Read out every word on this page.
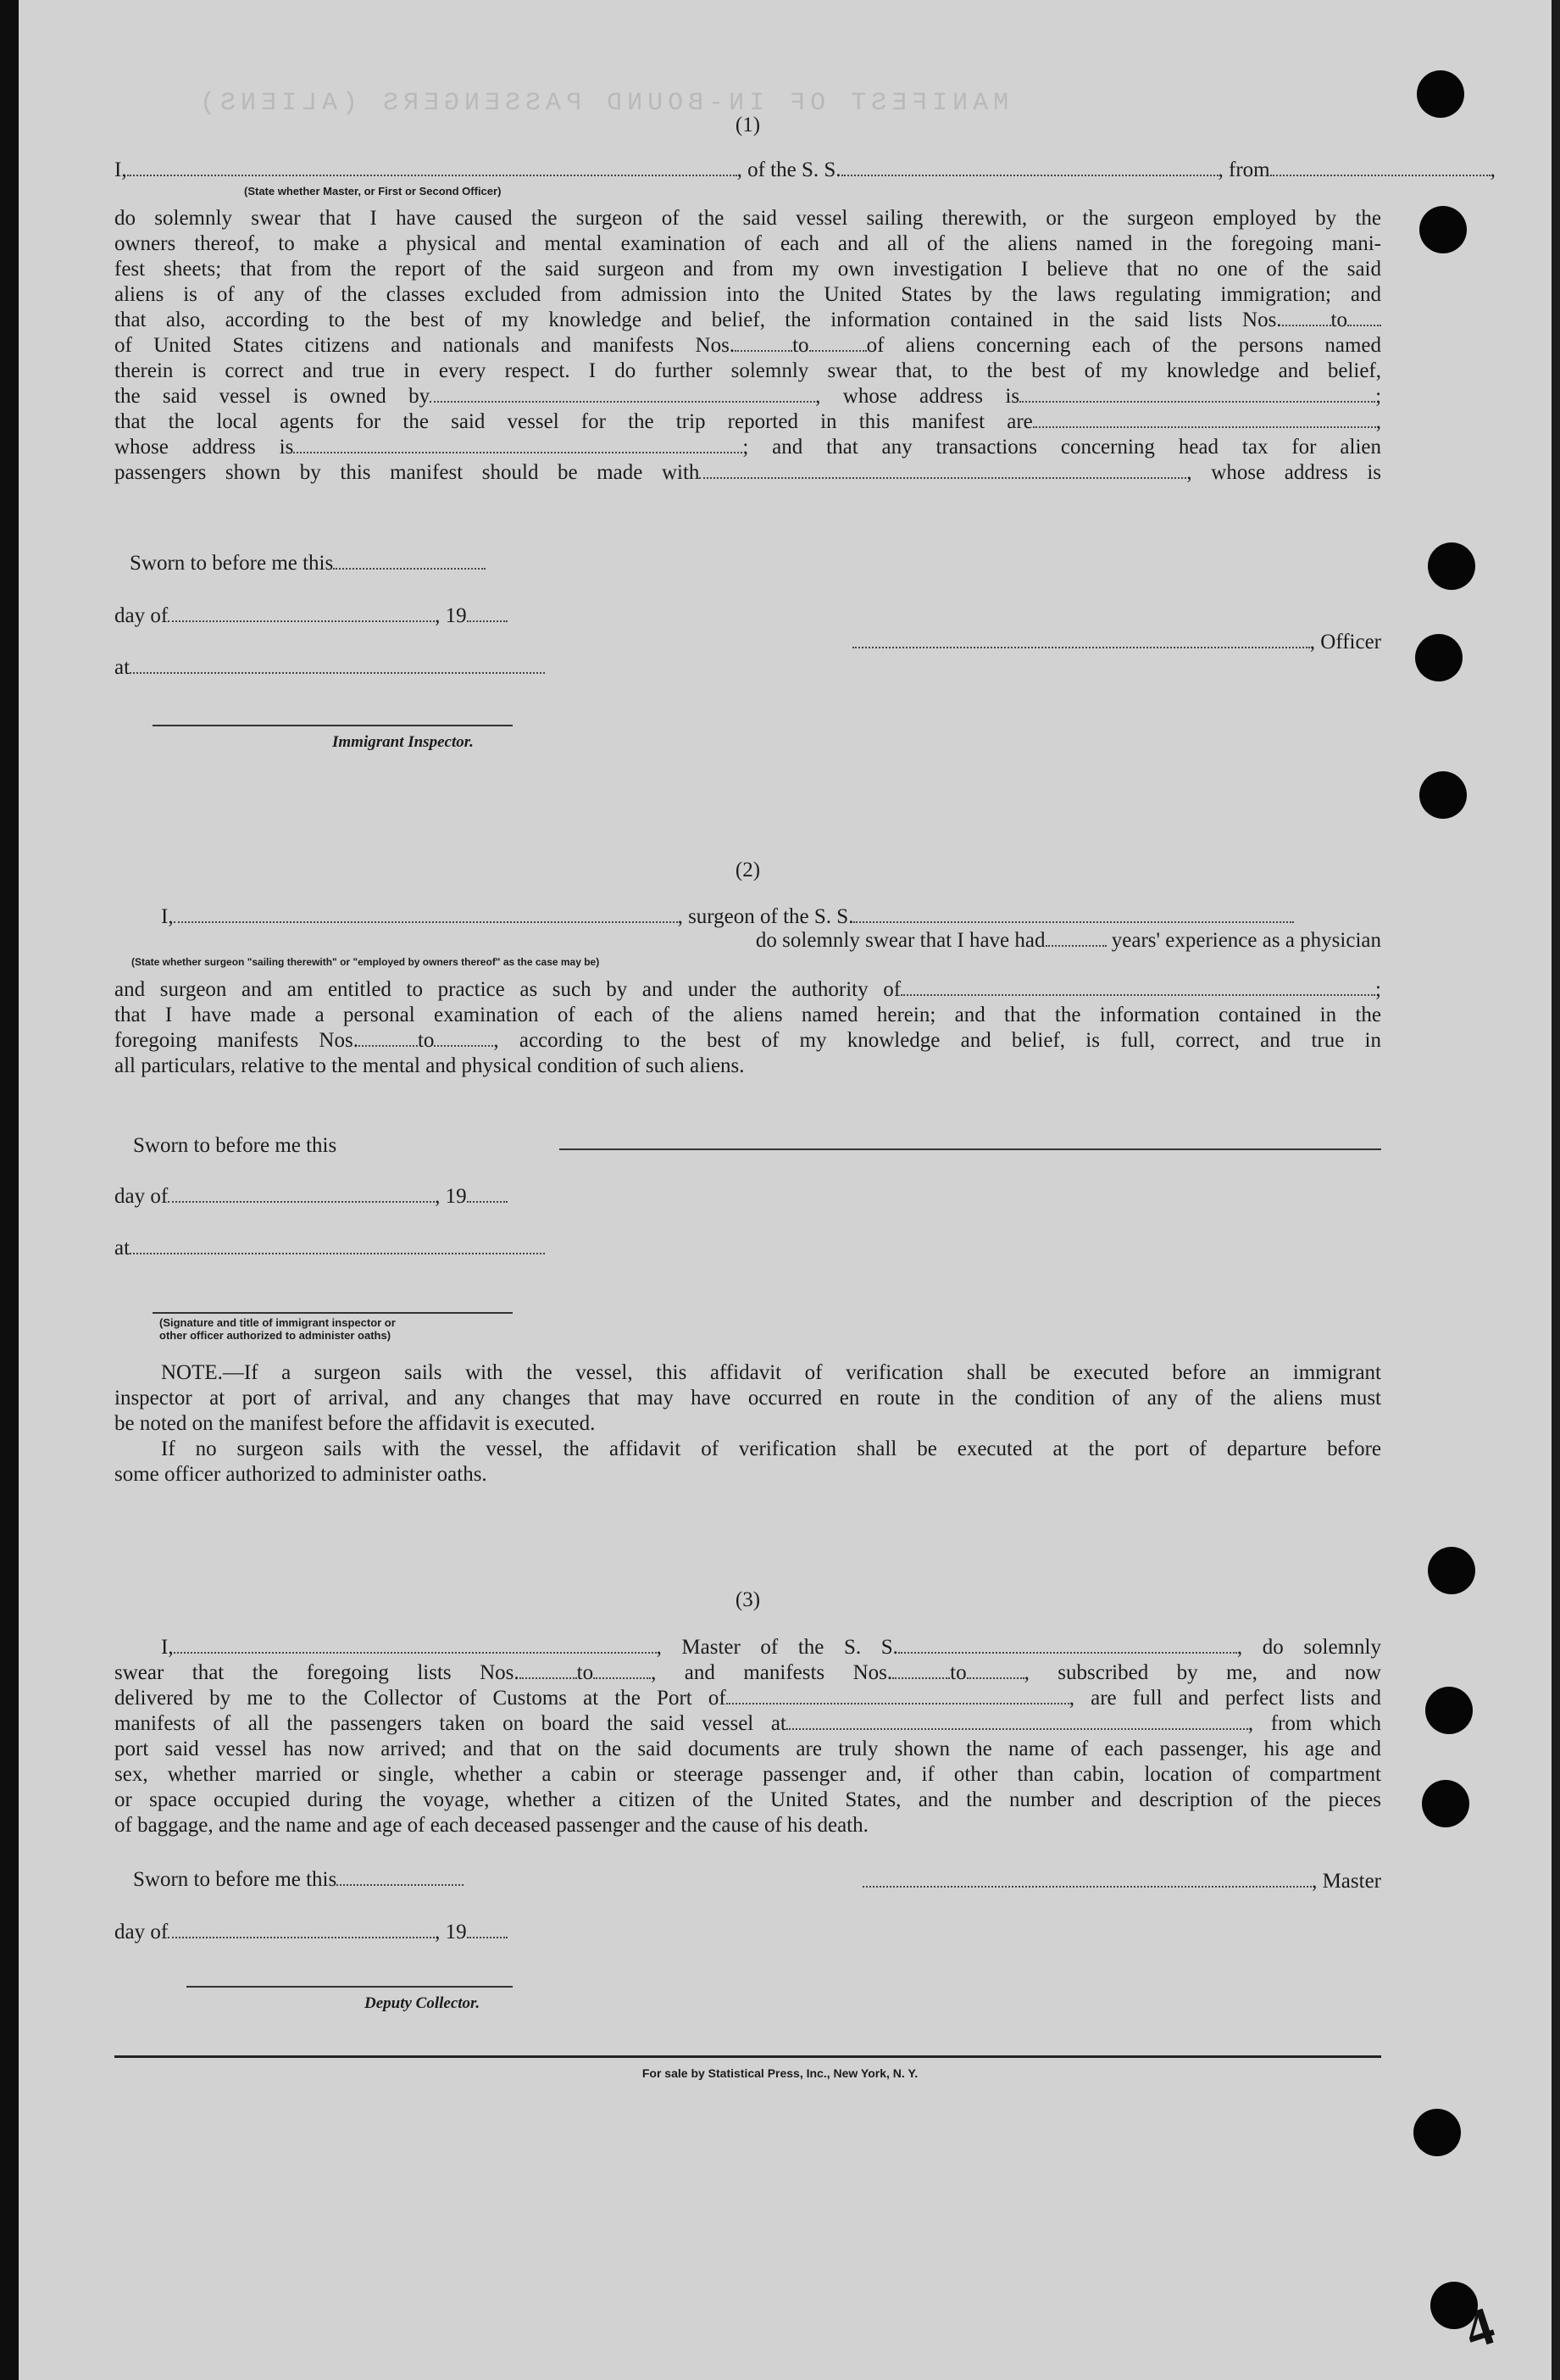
MANIFEST OF IN-BOUND PASSENGERS (ALIENS)
(1)
I,	, of the S. S.	, from	,
(State whether Master, or First or Second Officer)
do solemnly swear that I have caused the surgeon of the said vessel sailing therewith, or the surgeon employed by the
owners thereof, to make a physical and mental examination of each and all of the aliens named in the foregoing mani-
fest sheets; that from the report of the said surgeon and from my own investigation I believe that no one of the said
aliens is of any of the classes excluded from admission into the United States by the laws regulating immigration; and
that also, according to the best of my knowledge and belief, the information contained in the said lists Nos. to
of United States citizens and nationals and manifests Nos.	to	of aliens concerning each of the persons named
therein is correct and true in every respect. I do further solemnly swear that, to the best of my knowledge and belief,
the said vessel is owned by	, whose address is	;
that the local agents for the said vessel for the trip reported in this manifest are	,
whose address is	; and that any transactions concerning head tax for alien
passengers shown by this manifest should be made with	, whose address is
Sworn to before me this
day of	, 19
, Officer
at
Immigrant Inspector.
(2)
I,	, surgeon of the S. S.
do solemnly swear that I have had	years' experience as a physician
(State whether surgeon "sailing therewith" or "employed by owners thereof" as the case may be)
and surgeon and am entitled to practice as such by and under the authority of	;
that I have made a personal examination of each of the aliens named herein; and that the information contained in the
foregoing manifests Nos.	to	, according to the best of my knowledge and belief, is full, correct, and true in
all particulars, relative to the mental and physical condition of such aliens.
Sworn to before me this
day of	, 19
at
(Signature and title of immigrant inspector or
other officer authorized to administer oaths)
NOTE.—If a surgeon sails with the vessel, this affidavit of verification shall be executed before an immigrant
inspector at port of arrival, and any changes that may have occurred en route in the condition of any of the aliens must
be noted on the manifest before the affidavit is executed.
If no surgeon sails with the vessel, the affidavit of verification shall be executed at the port of departure before
some officer authorized to administer oaths.
(3)
I,	, Master of the S. S.	, do solemnly
swear that the foregoing lists Nos.	to	, and manifests Nos.	to	, subscribed by me, and now
delivered by me to the Collector of Customs at the Port of	, are full and perfect lists and
manifests of all the passengers taken on board the said vessel at	, from which
port said vessel has now arrived; and that on the said documents are truly shown the name of each passenger, his age and
sex, whether married or single, whether a cabin or steerage passenger and, if other than cabin, location of compartment
or space occupied during the voyage, whether a citizen of the United States, and the number and description of the pieces
of baggage, and the name and age of each deceased passenger and the cause of his death.
Sworn to before me this	, Master
day of	, 19
Deputy Collector.
For sale by Statistical Press, Inc., New York, N. Y.
4
